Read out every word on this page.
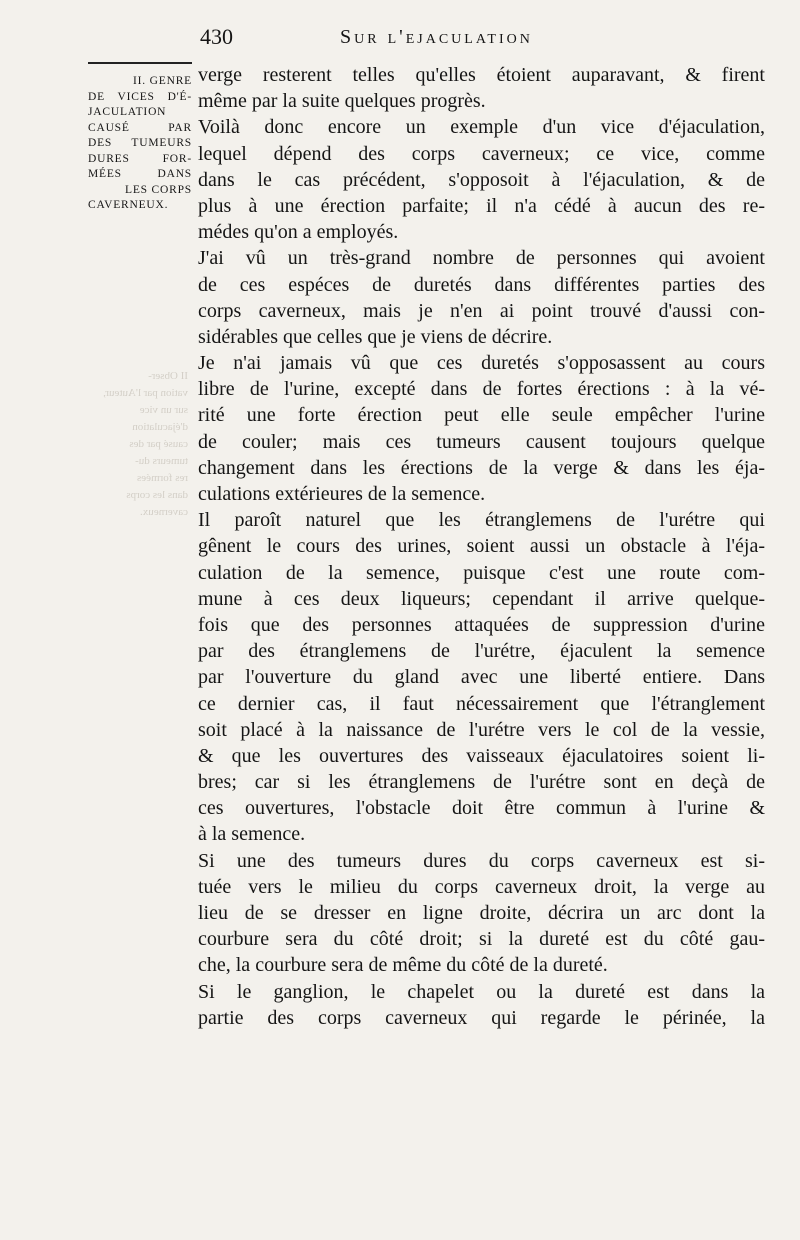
II Obser-
vation par l'Auteur,
sur un vice
d'éjaculation
causé par des
tumeurs du-
res formées
dans les corps
caverneux.
430	Sur l'ejaculation
II. GENRE
DE VICES D'É-
JACULATION
CAUSÉ PAR
DES TUMEURS
DURES FOR-
MÉES DANS
LES CORPS
CAVERNEUX.
verge resterent telles qu'elles étoient auparavant, & firent
même par la suite quelques progrès.
Voilà donc encore un exemple d'un vice d'éjaculation,
lequel dépend des corps caverneux; ce vice, comme
dans le cas précédent, s'opposoit à l'éjaculation, & de
plus à une érection parfaite; il n'a cédé à aucun des re-
médes qu'on a employés.
J'ai vû un très-grand nombre de personnes qui avoient
de ces espéces de duretés dans différentes parties des
corps caverneux, mais je n'en ai point trouvé d'aussi con-
sidérables que celles que je viens de décrire.
Je n'ai jamais vû que ces duretés s'opposassent au cours
libre de l'urine, excepté dans de fortes érections : à la vé-
rité une forte érection peut elle seule empêcher l'urine
de couler; mais ces tumeurs causent toujours quelque
changement dans les érections de la verge & dans les éja-
culations extérieures de la semence.
Il paroît naturel que les étranglemens de l'urétre qui
gênent le cours des urines, soient aussi un obstacle à l'éja-
culation de la semence, puisque c'est une route com-
mune à ces deux liqueurs; cependant il arrive quelque-
fois que des personnes attaquées de suppression d'urine
par des étranglemens de l'urétre, éjaculent la semence
par l'ouverture du gland avec une liberté entiere. Dans
ce dernier cas, il faut nécessairement que l'étranglement
soit placé à la naissance de l'urétre vers le col de la vessie,
& que les ouvertures des vaisseaux éjaculatoires soient li-
bres; car si les étranglemens de l'urétre sont en deçà de
ces ouvertures, l'obstacle doit être commun à l'urine &
à la semence.
Si une des tumeurs dures du corps caverneux est si-
tuée vers le milieu du corps caverneux droit, la verge au
lieu de se dresser en ligne droite, décrira un arc dont la
courbure sera du côté droit; si la dureté est du côté gau-
che, la courbure sera de même du côté de la dureté.
Si le ganglion, le chapelet ou la dureté est dans la
partie des corps caverneux qui regarde le périnée, la
